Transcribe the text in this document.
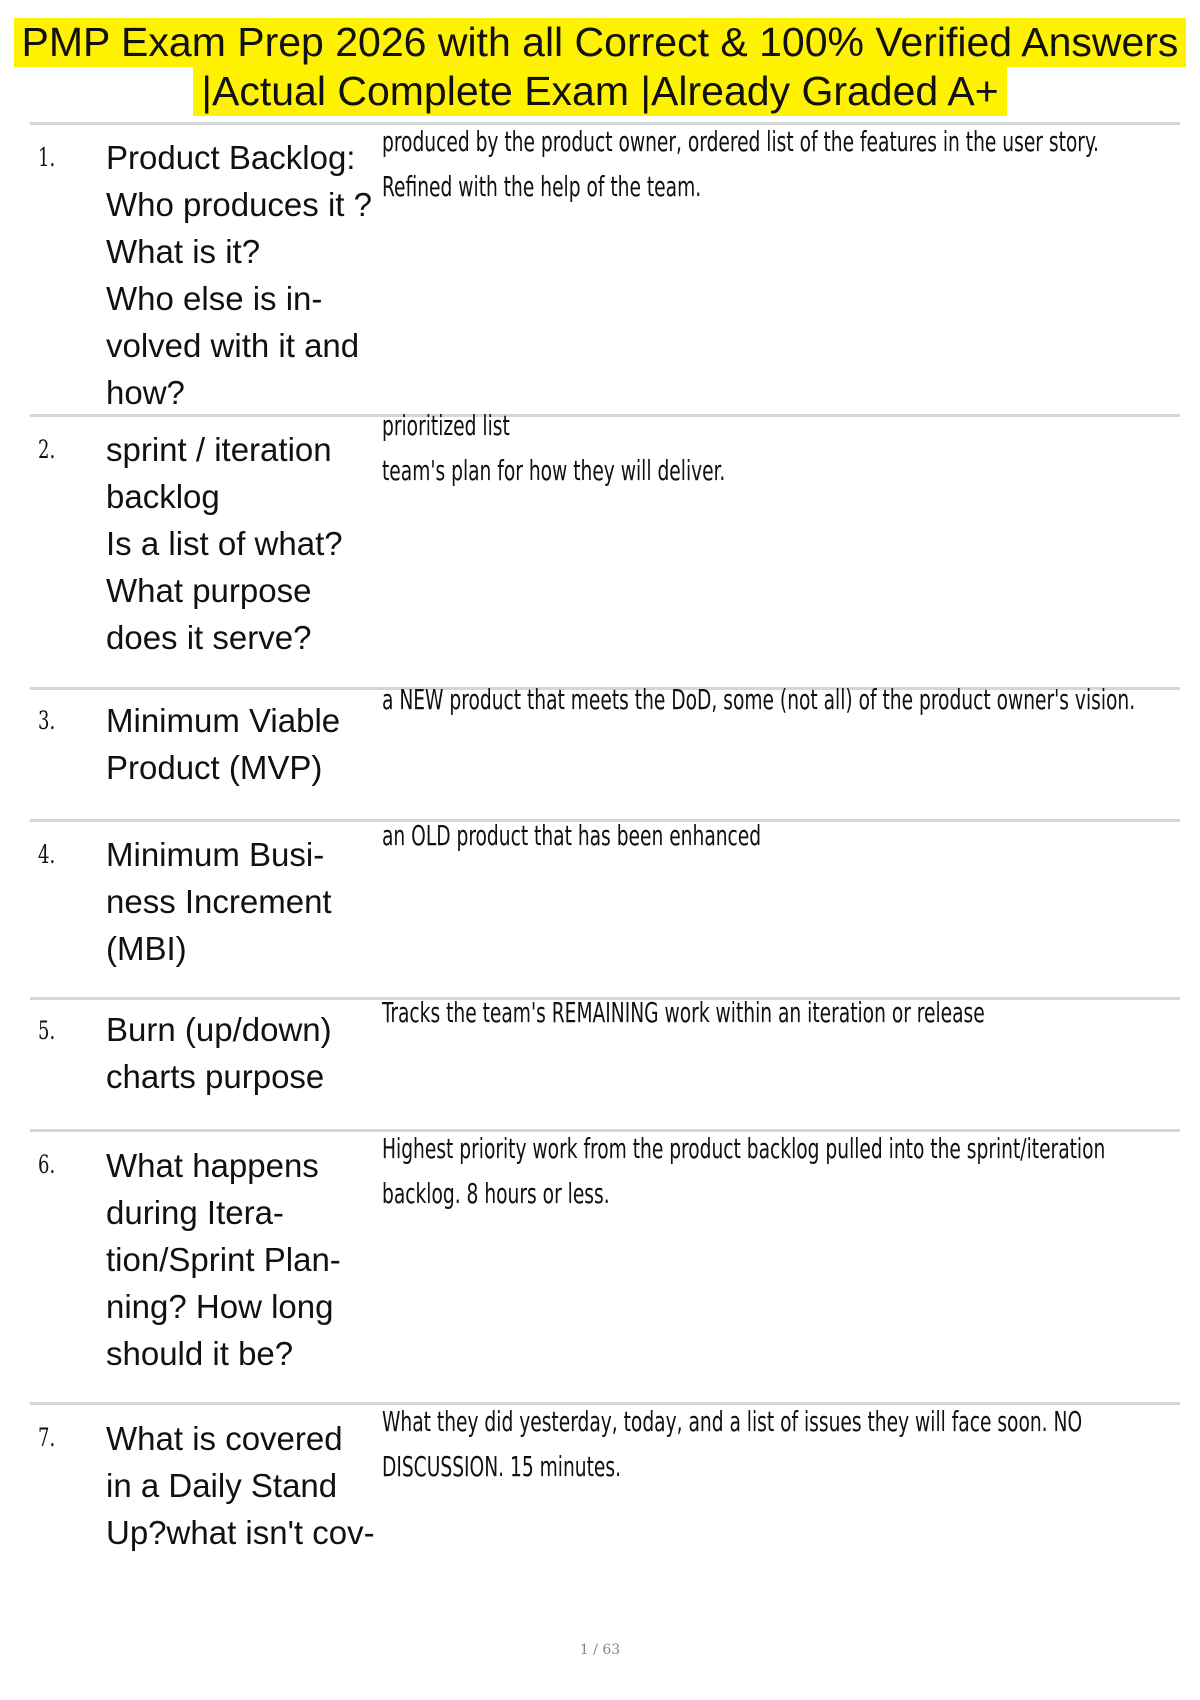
PMP Exam Prep 2026 with all Correct & 100% Verified Answers
|Actual Complete Exam |Already Graded A+
1. Product Backlog:
Who produces it ?
What is it?
Who else is in-
volved with it and
how?
produced by the product owner, ordered list of the features in the user story.
Refined with the help of the team.
2. sprint / iteration
backlog
Is a list of what?
What purpose
does it serve?
prioritized list
team's plan for how they will deliver.
3. Minimum Viable
Product (MVP)
a NEW product that meets the DoD, some (not all) of the product owner's vision.
4. Minimum Busi-
ness Increment
(MBI)
an OLD product that has been enhanced
5. Burn (up/down)
charts purpose
Tracks the team's REMAINING work within an iteration or release
6. What happens
during Itera-
tion/Sprint Plan-
ning? How long
should it be?
Highest priority work from the product backlog pulled into the sprint/iteration
backlog. 8 hours or less.
7. What is covered
in a Daily Stand
Up?what isn't cov-
What they did yesterday, today, and a list of issues they will face soon. NO
DISCUSSION. 15 minutes.
1 / 63
